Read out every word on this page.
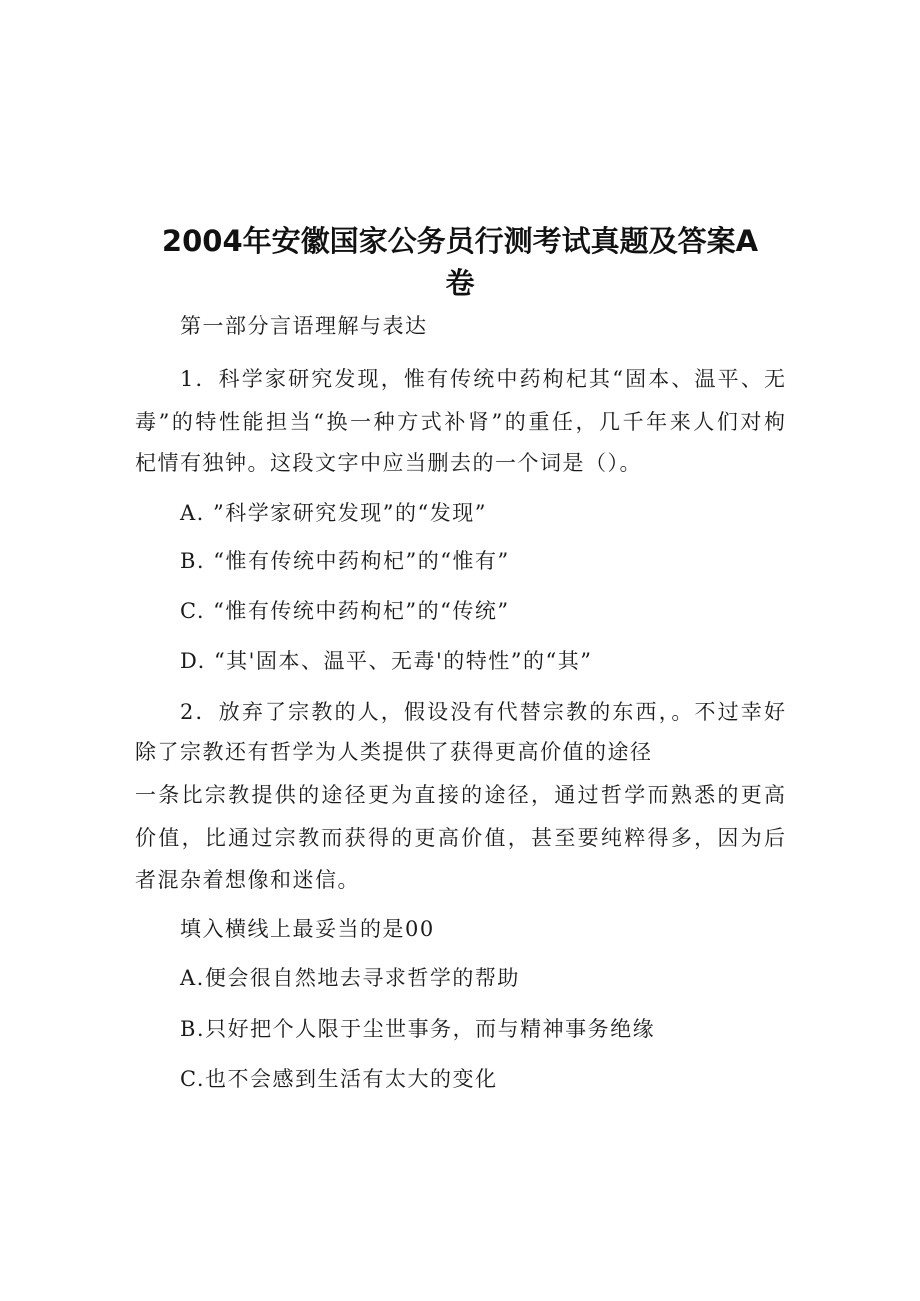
2004年安徽国家公务员行测考试真题及答案A
卷
第一部分言语理解与表达
1．科学家研究发现，惟有传统中药枸杞其“固本、温平、无
毒”的特性能担当“换一种方式补肾”的重任，几千年来人们对枸
杞情有独钟。这段文字中应当删去的一个词是（）。
A. ”科学家研究发现”的“发现”
B. “惟有传统中药枸杞”的“惟有”
C. “惟有传统中药枸杞”的“传统”
D. “其'固本、温平、无毒'的特性”的“其”
2．放弃了宗教的人，假设没有代替宗教的东西，。不过幸好
除了宗教还有哲学为人类提供了获得更高价值的途径
一条比宗教提供的途径更为直接的途径，通过哲学而熟悉的更高
价值，比通过宗教而获得的更高价值，甚至要纯粹得多，因为后
者混杂着想像和迷信。
填入横线上最妥当的是00
A.便会很自然地去寻求哲学的帮助
B.只好把个人限于尘世事务，而与精神事务绝缘
C.也不会感到生活有太大的变化
